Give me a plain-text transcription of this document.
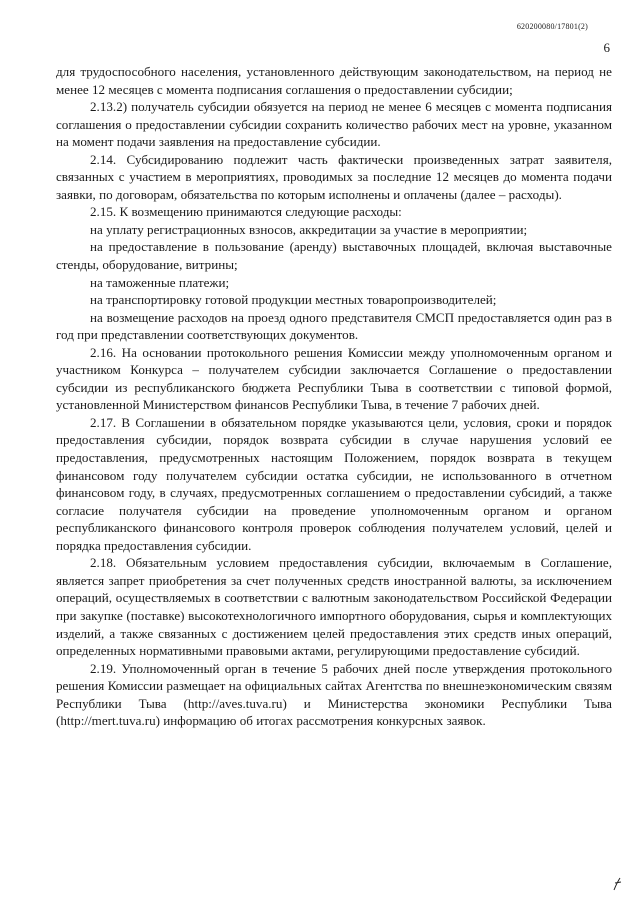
620200080/17801(2)
6

для трудоспособного населения, установленного действующим законодательством, на период не менее 12 месяцев с момента подписания соглашения о предоставлении субсидии;

2.13.2) получатель субсидии обязуется на период не менее 6 месяцев с момента подписания соглашения о предоставлении субсидии сохранить количество рабочих мест на уровне, указанном на момент подачи заявления на предоставление субсидии.

2.14. Субсидированию подлежит часть фактически произведенных затрат заявителя, связанных с участием в мероприятиях, проводимых за последние 12 месяцев до момента подачи заявки, по договорам, обязательства по которым исполнены и оплачены (далее – расходы).

2.15. К возмещению принимаются следующие расходы:

на уплату регистрационных взносов, аккредитации за участие в мероприятии;

на предоставление в пользование (аренду) выставочных площадей, включая выставочные стенды, оборудование, витрины;

на таможенные платежи;

на транспортировку готовой продукции местных товаропроизводителей;

на возмещение расходов на проезд одного представителя СМСП предоставляется один раз в год при представлении соответствующих документов.

2.16. На основании протокольного решения Комиссии между уполномоченным органом и участником Конкурса – получателем субсидии заключается Соглашение о предоставлении субсидии из республиканского бюджета Республики Тыва в соответствии с типовой формой, установленной Министерством финансов Республики Тыва, в течение 7 рабочих дней.

2.17. В Соглашении в обязательном порядке указываются цели, условия, сроки и порядок предоставления субсидии, порядок возврата субсидии в случае нарушения условий ее предоставления, предусмотренных настоящим Положением, порядок возврата в текущем финансовом году получателем субсидии остатка субсидии, не использованного в отчетном финансовом году, в случаях, предусмотренных соглашением о предоставлении субсидий, а также согласие получателя субсидии на проведение уполномоченным органом и органом республиканского финансового контроля проверок соблюдения получателем условий, целей и порядка предоставления субсидии.

2.18. Обязательным условием предоставления субсидии, включаемым в Соглашение, является запрет приобретения за счет полученных средств иностранной валюты, за исключением операций, осуществляемых в соответствии с валютным законодательством Российской Федерации при закупке (поставке) высокотехнологичного импортного оборудования, сырья и комплектующих изделий, а также связанных с достижением целей предоставления этих средств иных операций, определенных нормативными правовыми актами, регулирующими предоставление субсидий.

2.19. Уполномоченный орган в течение 5 рабочих дней после утверждения протокольного решения Комиссии размещает на официальных сайтах Агентства по внешнеэкономическим связям Республики Тыва (http://aves.tuva.ru) и Министерства экономики Республики Тыва (http://mert.tuva.ru) информацию об итогах рассмотрения конкурсных заявок.
